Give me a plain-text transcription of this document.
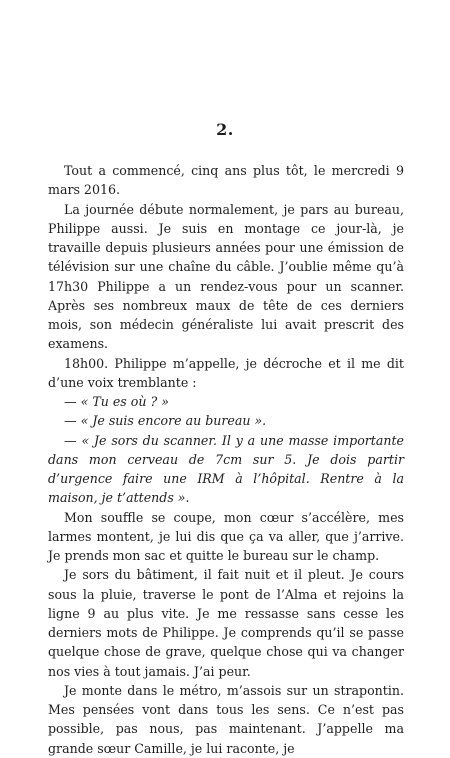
2.

Tout a commencé, cinq ans plus tôt, le mercredi 9 mars 2016.

La journée débute normalement, je pars au bureau, Philippe aussi. Je suis en montage ce jour-là, je travaille depuis plusieurs années pour une émission de télévision sur une chaîne du câble. J’oublie même qu’à 17h30 Philippe a un rendez-vous pour un scanner. Après ses nombreux maux de tête de ces derniers mois, son médecin généraliste lui avait prescrit des examens.

18h00. Philippe m’appelle, je décroche et il me dit d’une voix tremblante :

— « Tu es où ? »

— « Je suis encore au bureau ».

— « Je sors du scanner. Il y a une masse importante dans mon cerveau de 7cm sur 5. Je dois partir d’urgence faire une IRM à l’hôpital. Rentre à la maison, je t’attends ».

Mon souffle se coupe, mon cœur s’accélère, mes larmes montent, je lui dis que ça va aller, que j’arrive. Je prends mon sac et quitte le bureau sur le champ.

Je sors du bâtiment, il fait nuit et il pleut. Je cours sous la pluie, traverse le pont de l’Alma et rejoins la ligne 9 au plus vite. Je me ressasse sans cesse les derniers mots de Philippe. Je comprends qu’il se passe quelque chose de grave, quelque chose qui va changer nos vies à tout jamais. J’ai peur.

Je monte dans le métro, m’assois sur un strapontin. Mes pensées vont dans tous les sens. Ce n’est pas possible, pas nous, pas maintenant. J’appelle ma grande sœur Camille, je lui raconte, je
